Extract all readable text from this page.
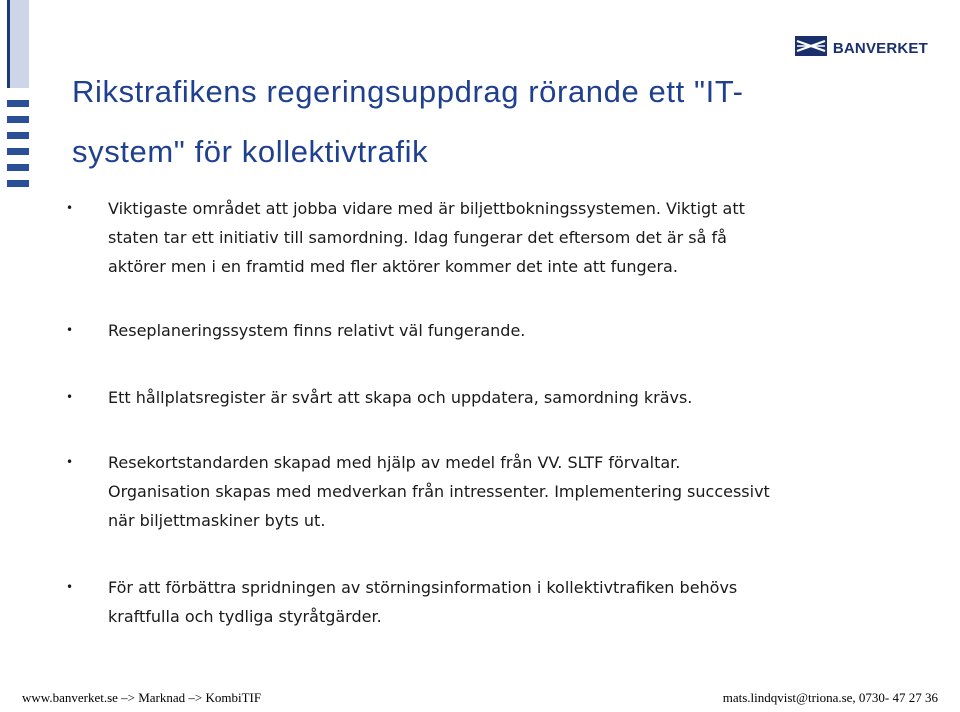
BANVERKET
Rikstrafikens regeringsuppdrag rörande ett "IT-
system" för kollektivtrafik
•	Viktigaste området att jobba vidare med är biljettbokningssystemen. Viktigt att
staten tar ett initiativ till samordning. Idag fungerar det eftersom det är så få
aktörer men i en framtid med fler aktörer kommer det inte att fungera.
•	Reseplaneringssystem finns relativt väl fungerande.
•	Ett hållplatsregister är svårt att skapa och uppdatera, samordning krävs.
•	Resekortstandarden skapad med hjälp av medel från VV. SLTF förvaltar.
Organisation skapas med medverkan från intressenter. Implementering successivt
när biljettmaskiner byts ut.
•	För att förbättra spridningen av störningsinformation i kollektivtrafiken behövs
kraftfulla och tydliga styråtgärder.
www.banverket.se –> Marknad –> KombiTIF	mats.lindqvist@triona.se, 0730- 47 27 36
